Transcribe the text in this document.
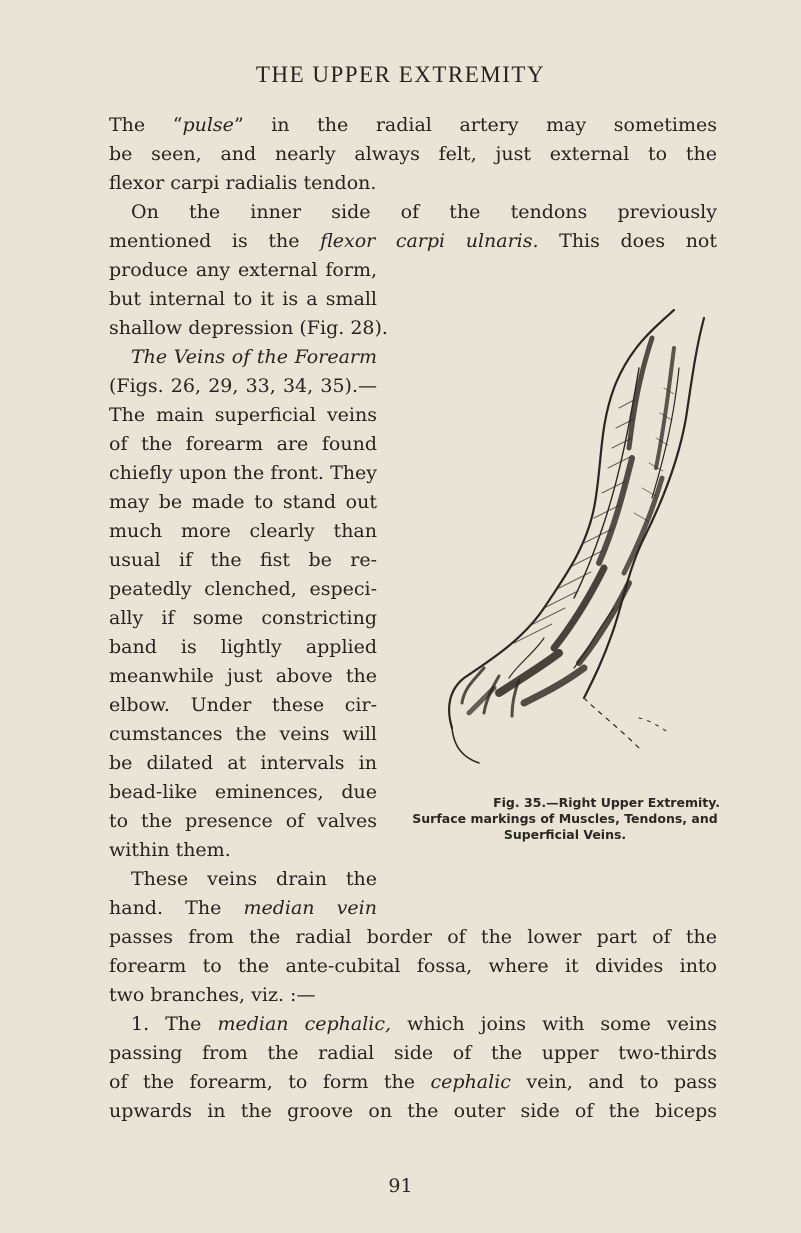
THE UPPER EXTREMITY
The “pulse” in the radial artery may sometimes
be seen, and nearly always felt, just external to the
flexor carpi radialis tendon.
On the inner side of the tendons previously
mentioned is the flexor carpi ulnaris. This does not
produce any external form,
but internal to it is a small
shallow depression (Fig. 28).
The Veins of the Forearm
(Figs. 26, 29, 33, 34, 35).—
The main superficial veins
of the forearm are found
chiefly upon the front. They
may be made to stand out
much more clearly than
usual if the fist be re-
peatedly clenched, especi-
ally if some constricting
band is lightly applied
meanwhile just above the
elbow. Under these cir-
cumstances the veins will
be dilated at intervals in
bead-like eminences, due
to the presence of valves
within them.
These veins drain the
hand. The median vein
passes from the radial border of the lower part of the
forearm to the ante-cubital fossa, where it divides into
two branches, viz. :—
1. The median cephalic, which joins with some veins
passing from the radial side of the upper two-thirds
of the forearm, to form the cephalic vein, and to pass
upwards in the groove on the outer side of the biceps
Fig. 35.—Right Upper Extremity.
Surface markings of Muscles, Tendons, and Superficial Veins.
91
